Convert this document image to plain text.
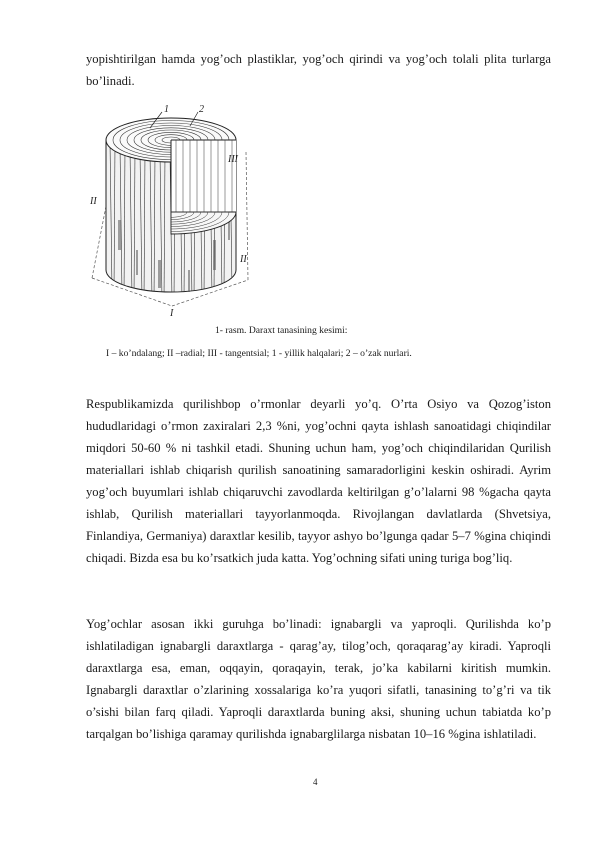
yopishtirilgan hamda yog’och plastiklar, yog’och qirindi va yog’och tolali plita turlarga bo’linadi.

1	2
III
II
II
I
1- rasm. Daraxt tanasining kesimi:
I – ko’ndalang; II –radial; III - tangentsial; 1 - yillik halqalari; 2 – o’zak nurlari.

Respublikamizda qurilishbop o’rmonlar deyarli yo’q. O’rta Osiyo va Qozog’iston hududlaridagi o’rmon zaxiralari 2,3 %ni, yog’ochni qayta ishlash sanoatidagi chiqindilar miqdori 50-60 % ni tashkil etadi. Shuning uchun ham, yog’och chiqindilaridan Qurilish materiallari ishlab chiqarish qurilish sanoatining samaradorligini keskin oshiradi. Ayrim yog’och buyumlari ishlab chiqaruvchi zavodlarda keltirilgan g’o’lalarni 98 %gacha qayta ishlab, Qurilish materiallari tayyorlanmoqda. Rivojlangan davlatlarda (Shvetsiya, Finlandiya, Germaniya) daraxtlar kesilib, tayyor ashyo bo’lgunga qadar 5–7 %gina chiqindi chiqadi. Bizda esa bu ko’rsatkich juda katta. Yog’ochning sifati uning turiga bog’liq.

Yog’ochlar asosan ikki guruhga bo’linadi: ignabargli va yaproqli. Qurilishda ko’p ishlatiladigan ignabargli daraxtlarga - qarag’ay, tilog’och, qoraqarag’ay kiradi. Yaproqli daraxtlarga esa, eman, oqqayin, qoraqayin, terak, jo’ka kabilarni kiritish mumkin. Ignabargli daraxtlar o’zlarining xossalariga ko’ra yuqori sifatli, tanasining to’g’ri va tik o’sishi bilan farq qiladi. Yaproqli daraxtlarda buning aksi, shuning uchun tabiatda ko’p tarqalgan bo’lishiga qaramay qurilishda ignabarglilarga nisbatan 10–16 %gina ishlatiladi.

4
